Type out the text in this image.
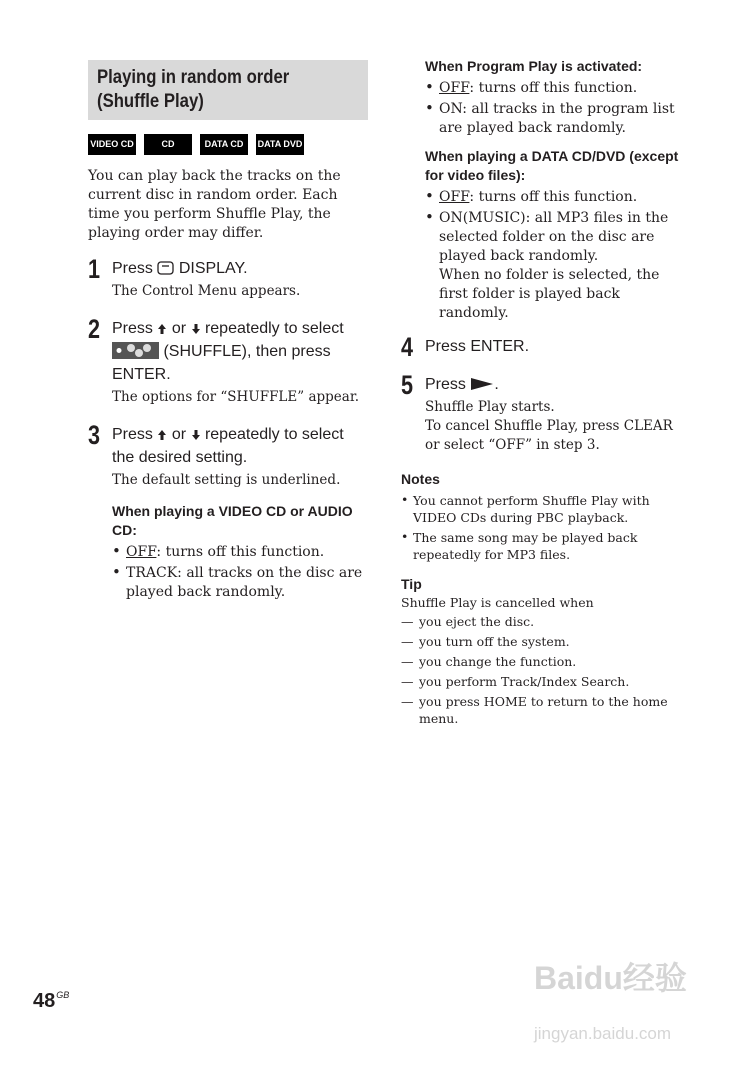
Playing in random order
(Shuffle Play)
VIDEO CD	CD	DATA CD	DATA DVD

You can play back the tracks on the current disc in random order. Each time you perform Shuffle Play, the playing order may differ.

1 Press DISPLAY.
The Control Menu appears.
2 Press or repeatedly to select  (SHUFFLE), then press ENTER.
The options for “SHUFFLE” appear.
3 Press or repeatedly to select the desired setting.
The default setting is underlined.
When playing a VIDEO CD or AUDIO CD:
• OFF: turns off this function.
• TRACK: all tracks on the disc are played back randomly.
When Program Play is activated:
• OFF: turns off this function.
• ON: all tracks in the program list are played back randomly.
When playing a DATA CD/DVD (except for video files):
• OFF: turns off this function.
• ON(MUSIC): all MP3 files in the selected folder on the disc are played back randomly.
When no folder is selected, the first folder is played back randomly.
4 Press ENTER.
5 Press .
Shuffle Play starts.
To cancel Shuffle Play, press CLEAR or select “OFF” in step 3.
Notes
• You cannot perform Shuffle Play with VIDEO CDs during PBC playback.
• The same song may be played back repeatedly for MP3 files.
Tip
Shuffle Play is cancelled when
— you eject the disc.
— you turn off the system.
— you change the function.
— you perform Track/Index Search.
— you press HOME to return to the home menu.
$48^{GB}$	Baidu经验
jingyan.baidu.com
